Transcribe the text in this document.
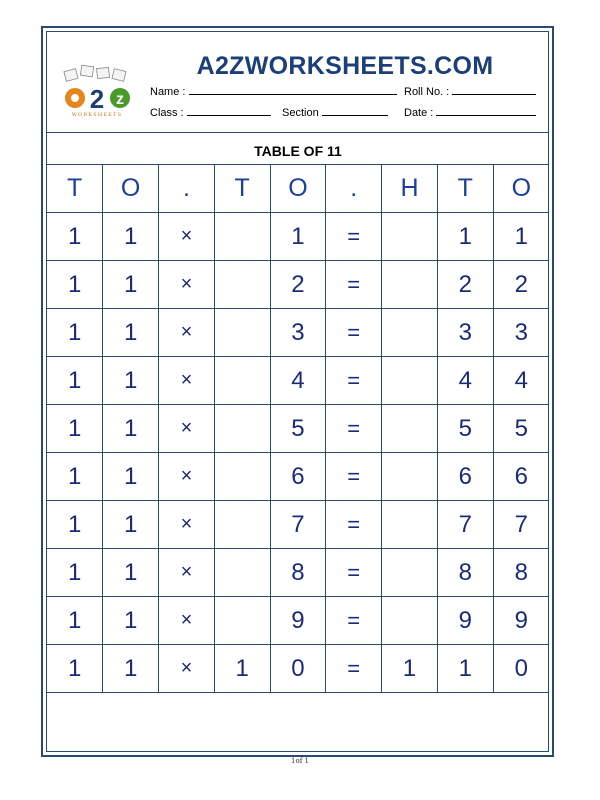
2 z
WORKSHEETS
A2ZWORKSHEETS.COM
Name :	Roll No. :
Class :	Section	Date :
TABLE OF 11
T	O	.	T	O	.	H	T	O
1	1	×		1	=		1	1
1	1	×		2	=		2	2
1	1	×		3	=		3	3
1	1	×		4	=		4	4
1	1	×		5	=		5	5
1	1	×		6	=		6	6
1	1	×		7	=		7	7
1	1	×		8	=		8	8
1	1	×		9	=		9	9
1	1	×	1	0	=	1	1	0
1of 1
